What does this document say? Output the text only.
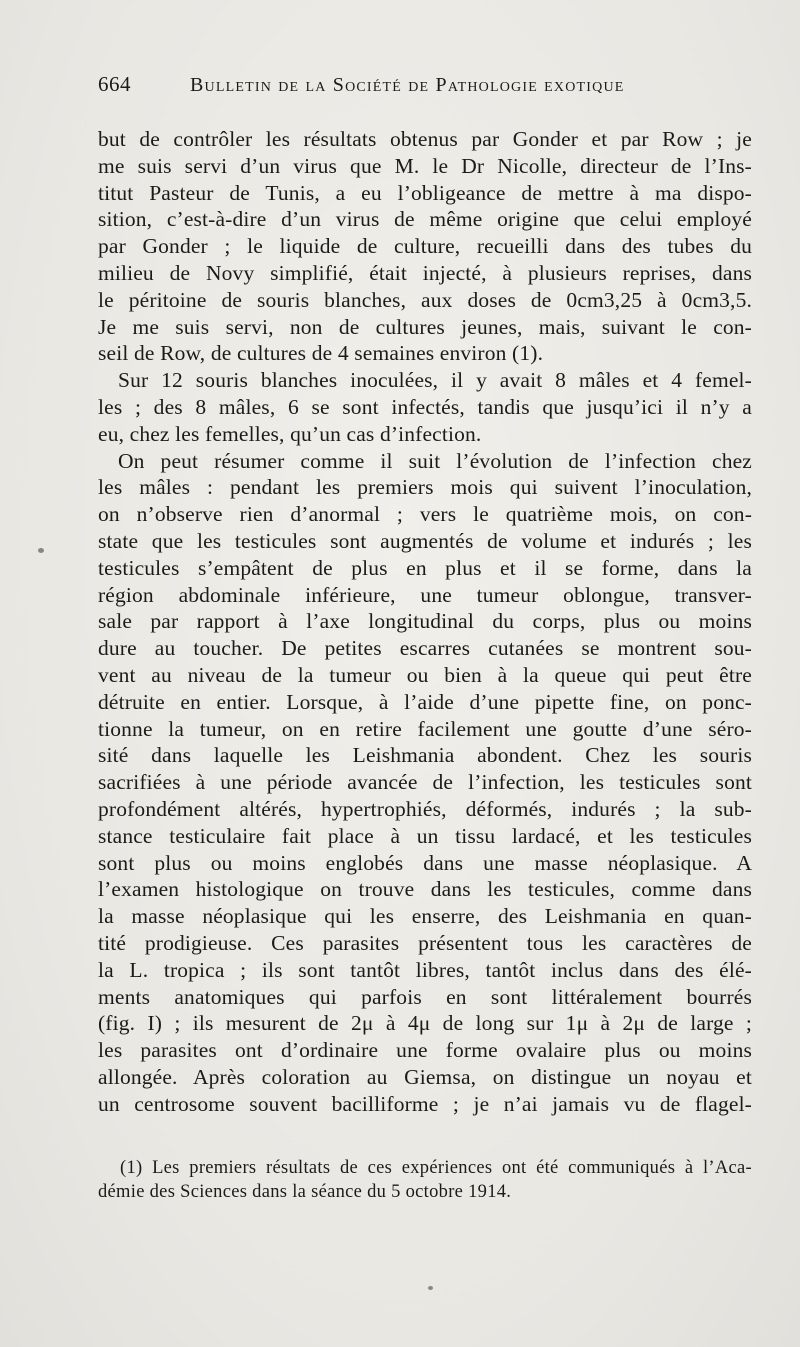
664	Bulletin de la Société de Pathologie exotique

but de contrôler les résultats obtenus par Gonder et par Row ; je

me suis servi d’un virus que M. le Dr Nicolle, directeur de l’Ins-

titut Pasteur de Tunis, a eu l’obligeance de mettre à ma dispo-

sition, c’est-à-dire d’un virus de même origine que celui employé

par Gonder ; le liquide de culture, recueilli dans des tubes du

milieu de Novy simplifié, était injecté, à plusieurs reprises, dans

le péritoine de souris blanches, aux doses de 0cm3,25 à 0cm3,5.

Je me suis servi, non de cultures jeunes, mais, suivant le con-

seil de Row, de cultures de 4 semaines environ (1).

Sur 12 souris blanches inoculées, il y avait 8 mâles et 4 femel-

les ; des 8 mâles, 6 se sont infectés, tandis que jusqu’ici il n’y a

eu, chez les femelles, qu’un cas d’infection.

On peut résumer comme il suit l’évolution de l’infection chez

les mâles : pendant les premiers mois qui suivent l’inoculation,

on n’observe rien d’anormal ; vers le quatrième mois, on con-

state que les testicules sont augmentés de volume et indurés ; les

testicules s’empâtent de plus en plus et il se forme, dans la

région abdominale inférieure, une tumeur oblongue, transver-

sale par rapport à l’axe longitudinal du corps, plus ou moins

dure au toucher. De petites escarres cutanées se montrent sou-

vent au niveau de la tumeur ou bien à la queue qui peut être

détruite en entier. Lorsque, à l’aide d’une pipette fine, on ponc-

tionne la tumeur, on en retire facilement une goutte d’une séro-

sité dans laquelle les Leishmania abondent. Chez les souris

sacrifiées à une période avancée de l’infection, les testicules sont

profondément altérés, hypertrophiés, déformés, indurés ; la sub-

stance testiculaire fait place à un tissu lardacé, et les testicules

sont plus ou moins englobés dans une masse néoplasique. A

l’examen histologique on trouve dans les testicules, comme dans

la masse néoplasique qui les enserre, des Leishmania en quan-

tité prodigieuse. Ces parasites présentent tous les caractères de

la L. tropica ; ils sont tantôt libres, tantôt inclus dans des élé-

ments anatomiques qui parfois en sont littéralement bourrés

(fig. I) ; ils mesurent de 2μ à 4μ de long sur 1μ à 2μ de large ;

les parasites ont d’ordinaire une forme ovalaire plus ou moins

allongée. Après coloration au Giemsa, on distingue un noyau et

un centrosome souvent bacilliforme ; je n’ai jamais vu de flagel-

(1) Les premiers résultats de ces expériences ont été communiqués à l’Aca-

démie des Sciences dans la séance du 5 octobre 1914.
